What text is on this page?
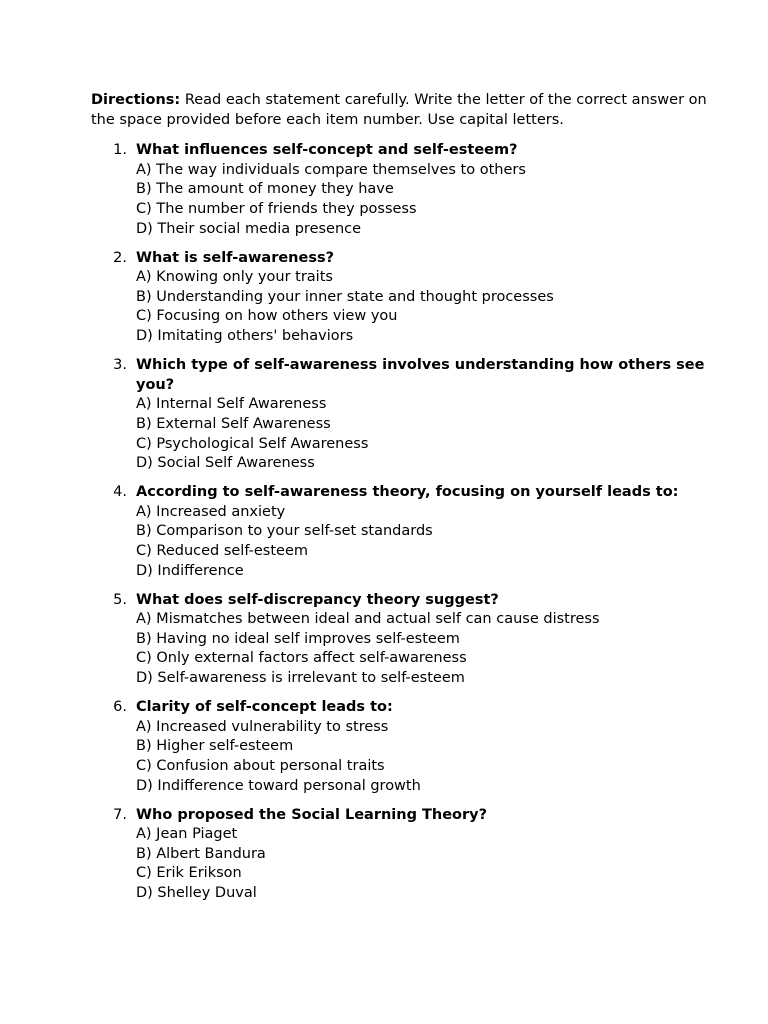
Directions: Read each statement carefully. Write the letter of the correct answer on the space provided before each item number. Use capital letters.

1. What influences self-concept and self-esteem?
A) The way individuals compare themselves to others
B) The amount of money they have
C) The number of friends they possess
D) Their social media presence
2. What is self-awareness?
A) Knowing only your traits
B) Understanding your inner state and thought processes
C) Focusing on how others view you
D) Imitating others' behaviors
3. Which type of self-awareness involves understanding how others see you?
A) Internal Self Awareness
B) External Self Awareness
C) Psychological Self Awareness
D) Social Self Awareness
4. According to self-awareness theory, focusing on yourself leads to:
A) Increased anxiety
B) Comparison to your self-set standards
C) Reduced self-esteem
D) Indifference
5. What does self-discrepancy theory suggest?
A) Mismatches between ideal and actual self can cause distress
B) Having no ideal self improves self-esteem
C) Only external factors affect self-awareness
D) Self-awareness is irrelevant to self-esteem
6. Clarity of self-concept leads to:
A) Increased vulnerability to stress
B) Higher self-esteem
C) Confusion about personal traits
D) Indifference toward personal growth
7. Who proposed the Social Learning Theory?
A) Jean Piaget
B) Albert Bandura
C) Erik Erikson
D) Shelley Duval
